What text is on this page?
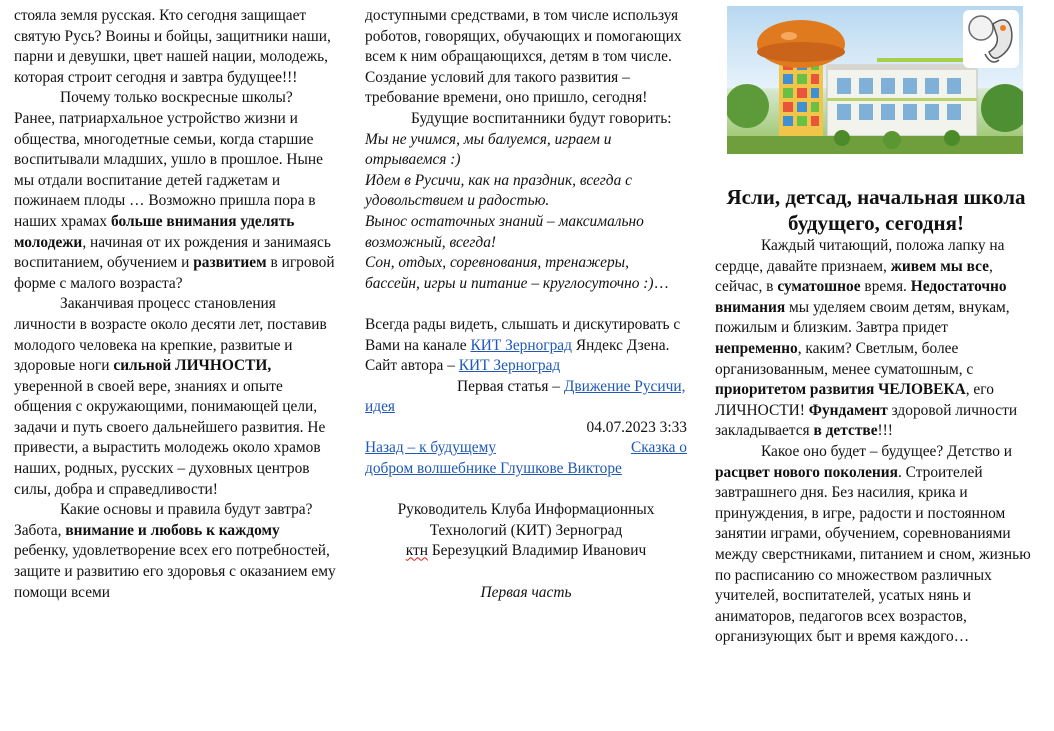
стояла земля русская. Кто сегодня защищает святую Русь? Воины и бойцы, защитники наши, парни и девушки, цвет нашей нации, молодежь, которая строит сегодня и завтра будущее!!!

Почему только воскресные школы? Ранее, патриархальное устройство жизни и общества, многодетные семьи, когда старшие воспитывали младших, ушло в прошлое. Ныне мы отдали воспитание детей гаджетам и пожинаем плоды … Возможно пришла пора в наших храмах больше внимания уделять молодежи, начиная от их рождения и занимаясь воспитанием, обучением и развитием в игровой форме с малого возраста?

Заканчивая процесс становления личности в возрасте около десяти лет, поставив молодого человека на крепкие, развитые и здоровые ноги сильной ЛИЧНОСТИ, уверенной в своей вере, знаниях и опыте общения с окружающими, понимающей цели, задачи и путь своего дальнейшего развития. Не привести, а вырастить молодежь около храмов наших, родных, русских – духовных центров силы, добра и справедливости!

Какие основы и правила будут завтра? Забота, внимание и любовь к каждому ребенку, удовлетворение всех его потребностей, защите и развитию его здоровья с оказанием ему помощи всеми

доступными средствами, в том числе используя роботов, говорящих, обучающих и помогающих всем к ним обращающихся, детям в том числе. Создание условий для такого развития – требование времени, оно пришло, сегодня!

Будущие воспитанники будут говорить:

Мы не учимся, мы балуемся, играем и отрываемся :)

Идем в Русичи, как на праздник, всегда с удовольствием и радостью.

Вынос остаточных знаний – максимально возможный, всегда!

Сон, отдых, соревнования, тренажеры, бассейн, игры и питание – круглосуточно :)…

Всегда рады видеть, слышать и дискутировать с Вами на канале КИТ Зерноград Яндекс Дзена.

Сайт автора – КИТ Зерноград

Первая статья – Движение Русичи, идея

04.07.2023 3:33

Назад – к будущему	Сказка о

добром волшебнике Глушкове Викторе

Руководитель Клуба Информационных Технологий (КИТ) Зерноград

ктн Березуцкий Владимир Иванович

Первая часть

Ясли, детсад, начальная школа будущего, сегодня!

Каждый читающий, положа лапку на сердце, давайте признаем, живем мы все, сейчас, в суматошное время. Недостаточно внимания мы уделяем своим детям, внукам, пожилым и близким. Завтра придет непременно, каким? Светлым, более организованным, менее суматошным, с приоритетом развития ЧЕЛОВЕКА, его ЛИЧНОСТИ! Фундамент здоровой личности закладывается в детстве!!!

Какое оно будет – будущее? Детство и расцвет нового поколения. Строителей завтрашнего дня. Без насилия, крика и принуждения, в игре, радости и постоянном занятии играми, обучением, соревнованиями между сверстниками, питанием и сном, жизнью по расписанию со множеством различных учителей, воспитателей, усатых нянь и аниматоров, педагогов всех возрастов, организующих быт и время каждого…
